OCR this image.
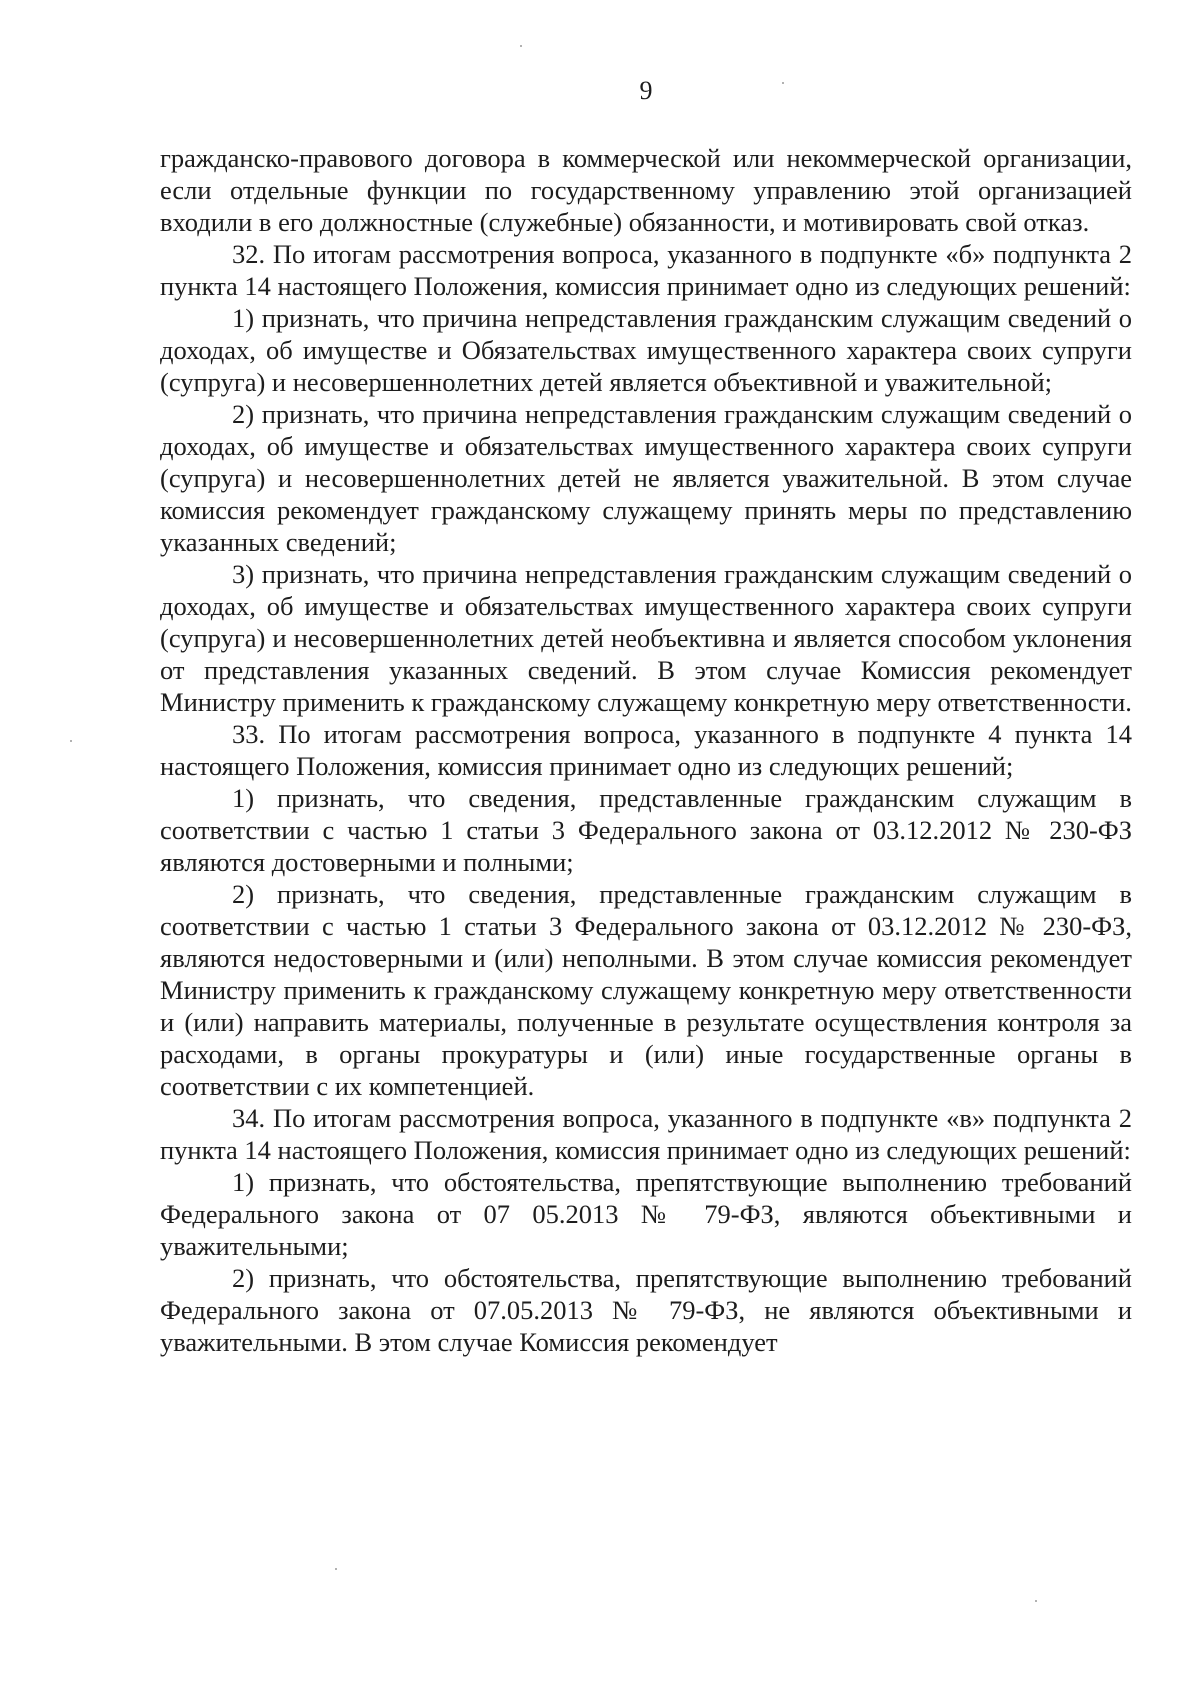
9

гражданско-правового договора в коммерческой или некоммерческой организации, если отдельные функции по государственному управлению этой организацией входили в его должностные (служебные) обязанности, и мотивировать свой отказ.

32. По итогам рассмотрения вопроса, указанного в подпункте «б» подпункта 2 пункта 14 настоящего Положения, комиссия принимает одно из следующих решений:

1) признать, что причина непредставления гражданским служащим сведений о доходах, об имуществе и Обязательствах имущественного характера своих супруги (супруга) и несовершеннолетних детей является объективной и уважительной;

2) признать, что причина непредставления гражданским служащим сведений о доходах, об имуществе и обязательствах имущественного характера своих супруги (супруга) и несовершеннолетних детей не является уважительной. В этом случае комиссия рекомендует гражданскому служащему принять меры по представлению указанных сведений;

3) признать, что причина непредставления гражданским служащим сведений о доходах, об имуществе и обязательствах имущественного характера своих супруги (супруга) и несовершеннолетних детей необъективна и является способом уклонения от представления указанных сведений. В этом случае Комиссия рекомендует Министру применить к гражданскому служащему конкретную меру ответственности.

33. По итогам рассмотрения вопроса, указанного в подпункте 4 пункта 14 настоящего Положения, комиссия принимает одно из следующих решений;

1) признать, что сведения, представленные гражданским служащим в соответствии с частью 1 статьи 3 Федерального закона от 03.12.2012 № 230-ФЗ являются достоверными и полными;

2) признать, что сведения, представленные гражданским служащим в соответствии с частью 1 статьи 3 Федерального закона от 03.12.2012 № 230-ФЗ, являются недостоверными и (или) неполными. В этом случае комиссия рекомендует Министру применить к гражданскому служащему конкретную меру ответственности и (или) направить материалы, полученные в результате осуществления контроля за расходами, в органы прокуратуры и (или) иные государственные органы в соответствии с их компетенцией.

34. По итогам рассмотрения вопроса, указанного в подпункте «в» подпункта 2 пункта 14 настоящего Положения, комиссия принимает одно из следующих решений:

1) признать, что обстоятельства, препятствующие выполнению требований Федерального закона от 07 05.2013 № 79-ФЗ, являются объективными и уважительными;

2) признать, что обстоятельства, препятствующие выполнению требований Федерального закона от 07.05.2013 № 79-ФЗ, не являются объективными и уважительными. В этом случае Комиссия рекомендует
